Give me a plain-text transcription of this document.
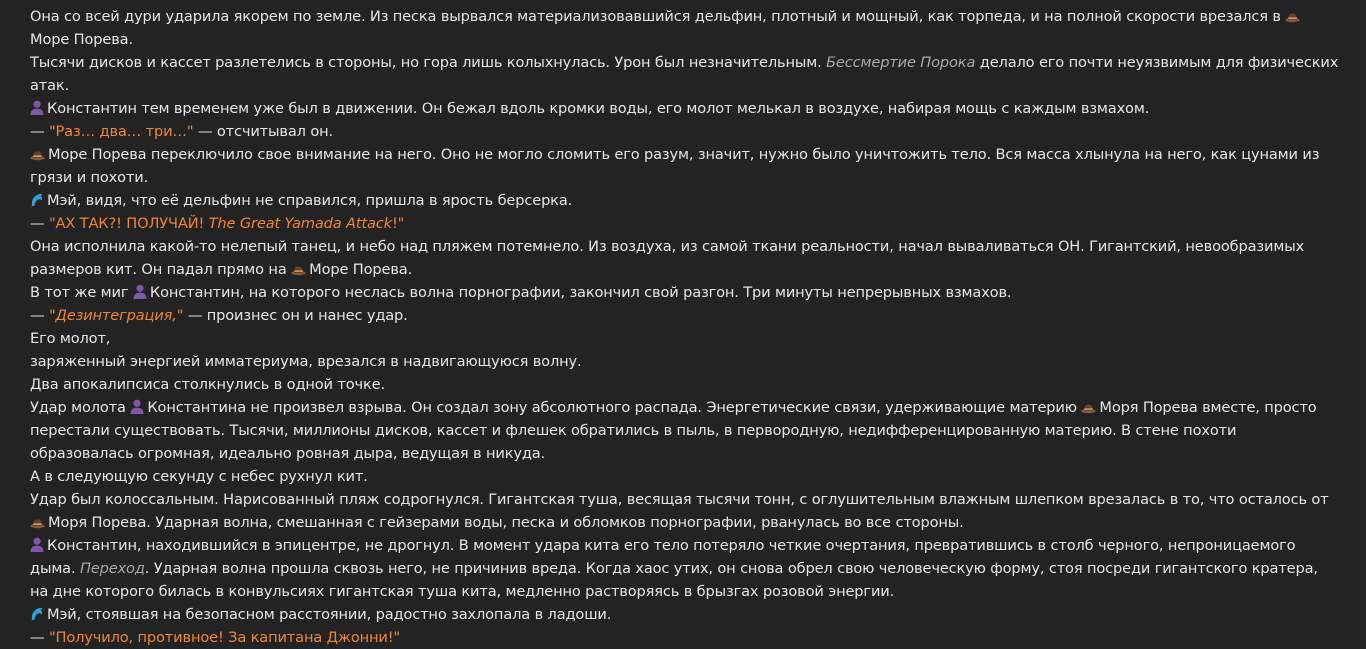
Она со всей дури ударила якорем по земле. Из песка вырвался материализовавшийся дельфин, плотный и мощный, как торпеда, и на полной скорости врезался в Море Порева.

Тысячи дисков и кассет разлетелись в стороны, но гора лишь колыхнулась. Урон был незначительным. Бессмертие Порока делало его почти неуязвимым для физических атак.

Константин тем временем уже был в движении. Он бежал вдоль кромки воды, его молот мелькал в воздухе, набирая мощь с каждым взмахом.

— "Раз… два… три…" — отсчитывал он.

Море Порева переключило свое внимание на него. Оно не могло сломить его разум, значит, нужно было уничтожить тело. Вся масса хлынула на него, как цунами из грязи и похоти.

Мэй, видя, что её дельфин не справился, пришла в ярость берсерка.

— "АХ ТАК?! ПОЛУЧАЙ! The Great Yamada Attack!"

Она исполнила какой-то нелепый танец, и небо над пляжем потемнело. Из воздуха, из самой ткани реальности, начал вываливаться ОН. Гигантский, невообразимых размеров кит. Он падал прямо на Море Порева.

В тот же миг Константин, на которого неслась волна порнографии, закончил свой разгон. Три минуты непрерывных взмахов.

— "Дезинтеграция," — произнес он и нанес удар.

Его молот,

заряженный энергией имматериума, врезался в надвигающуюся волну.

Два апокалипсиса столкнулись в одной точке.

Удар молота Константина не произвел взрыва. Он создал зону абсолютного распада. Энергетические связи, удерживающие материю Моря Порева вместе, просто перестали существовать. Тысячи, миллионы дисков, кассет и флешек обратились в пыль, в первородную, недифференцированную материю. В стене похоти образовалась огромная, идеально ровная дыра, ведущая в никуда.

А в следующую секунду с небес рухнул кит.

Удар был колоссальным. Нарисованный пляж содрогнулся. Гигантская туша, весящая тысячи тонн, с оглушительным влажным шлепком врезалась в то, что осталось от Моря Порева. Ударная волна, смешанная с гейзерами воды, песка и обломков порнографии, рванулась во все стороны.

Константин, находившийся в эпицентре, не дрогнул. В момент удара кита его тело потеряло четкие очертания, превратившись в столб черного, непроницаемого дыма. Переход. Ударная волна прошла сквозь него, не причинив вреда. Когда хаос утих, он снова обрел свою человеческую форму, стоя посреди гигантского кратера, на дне которого билась в конвульсиях гигантская туша кита, медленно растворяясь в брызгах розовой энергии.

Мэй, стоявшая на безопасном расстоянии, радостно захлопала в ладоши.

— "Получило, противное! За капитана Джонни!"
